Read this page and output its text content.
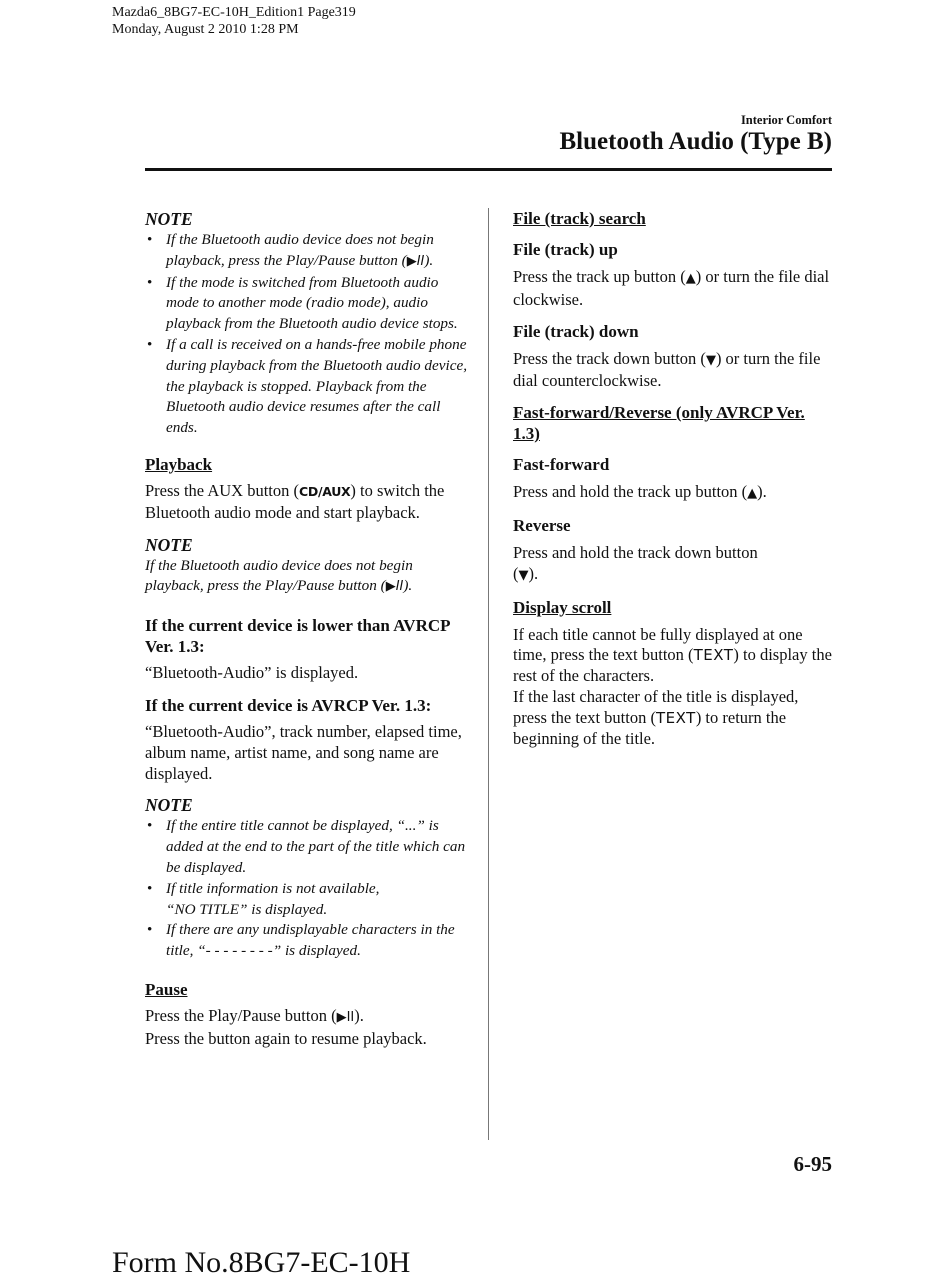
Mazda6_8BG7-EC-10H_Edition1 Page319
Monday, August 2 2010 1:28 PM
Interior Comfort
Bluetooth Audio (Type B)

NOTE

• If the Bluetooth audio device does not begin playback, press the Play/Pause button (▶II).
• If the mode is switched from Bluetooth audio mode to another mode (radio mode), audio playback from the Bluetooth audio device stops.
• If a call is received on a hands-free mobile phone during playback from the Bluetooth audio device, the playback is stopped. Playback from the Bluetooth audio device resumes after the call ends.

Playback

Press the AUX button (CD/AUX) to switch the Bluetooth audio mode and start playback.

NOTE

If the Bluetooth audio device does not begin playback, press the Play/Pause button (▶II).

If the current device is lower than AVRCP Ver. 1.3:

“Bluetooth-Audio” is displayed.

If the current device is AVRCP Ver. 1.3:

“Bluetooth-Audio”, track number, elapsed time, album name, artist name, and song name are displayed.

NOTE

• If the entire title cannot be displayed, “...” is added at the end to the part of the title which can be displayed.
• If title information is not available,
“NO TITLE” is displayed.
• If there are any undisplayable characters in the title, “- - - - - - - -” is displayed.

Pause

Press the Play/Pause button (▶II).

Press the button again to resume playback.

File (track) search

File (track) up

Press the track up button (▲) or turn the file dial clockwise.

File (track) down

Press the track down button (▼) or turn the file dial counterclockwise.

Fast-forward/Reverse (only AVRCP Ver. 1.3)

Fast-forward

Press and hold the track up button (▲).

Reverse

Press and hold the track down button
(▼).

Display scroll

If each title cannot be fully displayed at one time, press the text button (TEXT) to display the rest of the characters.

If the last character of the title is displayed, press the text button (TEXT) to return the beginning of the title.

6-95
Form No.8BG7-EC-10H
